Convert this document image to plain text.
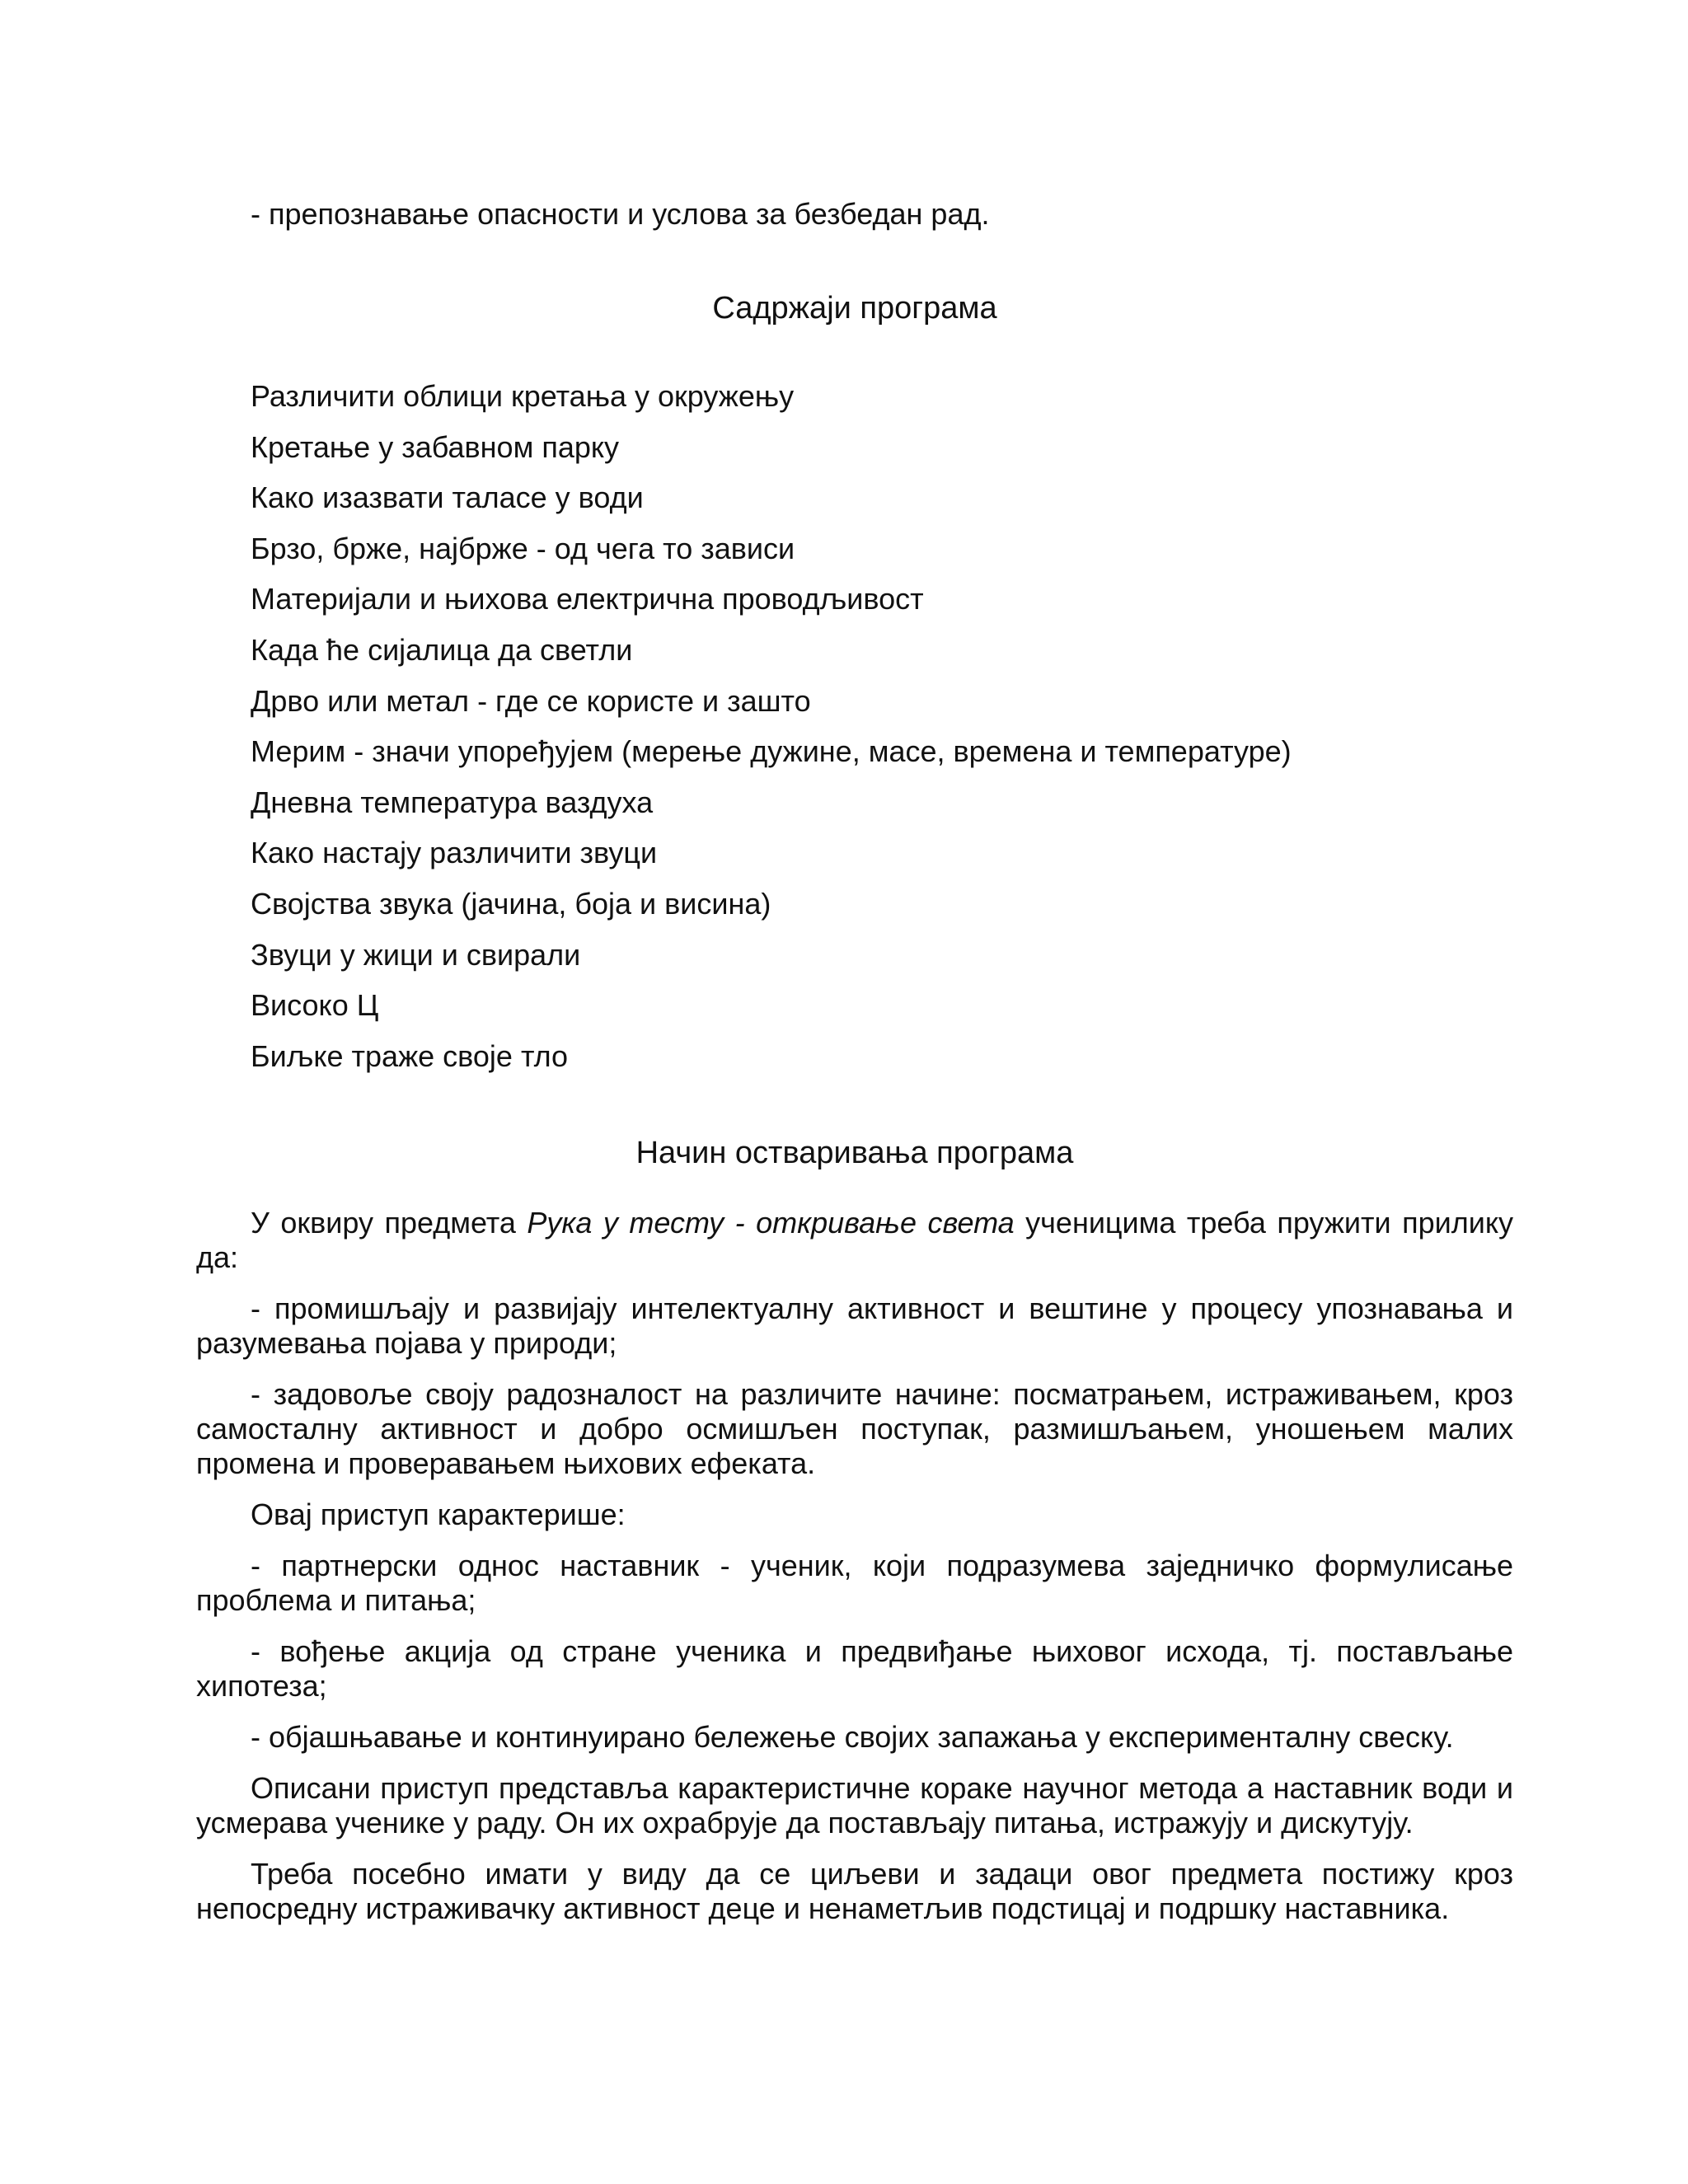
- препознавање опасности и услова за безбедан рад.
Садржаји програма
Различити облици кретања у окружењу
Кретање у забавном парку
Како изазвати таласе у води
Брзо, брже, најбрже - од чега то зависи
Материјали и њихова електрична проводљивост
Када ће сијалица да светли
Дрво или метал - где се користе и зашто
Мерим - значи упоређујем (мерење дужине, масе, времена и температуре)
Дневна температура ваздуха
Како настају различити звуци
Својства звука (јачина, боја и висина)
Звуци у жици и свирали
Високо Ц
Биљке траже своје тло
Начин остваривања програма

У оквиру предмета Рука у тесту - откривање света ученицима треба пружити прилику да:

- промишљају и развијају интелектуалну активност и вештине у процесу упознавања и разумевања појава у природи;

- задовоље своју радозналост на различите начине: посматрањем, истраживањем, кроз самосталну активност и добро осмишљен поступак, размишљањем, уношењем малих промена и проверавањем њихових ефеката.

Овај приступ карактерише:

- партнерски однос наставник - ученик, који подразумева заједничко формулисање проблема и питања;

- вођење акција од стране ученика и предвиђање њиховог исхода, тј. постављање хипотеза;

- објашњавање и континуирано бележење својих запажања у експерименталну свеску.

Описани приступ представља карактеристичне кораке научног метода а наставник води и усмерава ученике у раду. Он их охрабрује да постављају питања, истражују и дискутују.

Треба посебно имати у виду да се циљеви и задаци овог предмета постижу кроз непосредну истраживачку активност деце и ненаметљив подстицај и подршку наставника.
